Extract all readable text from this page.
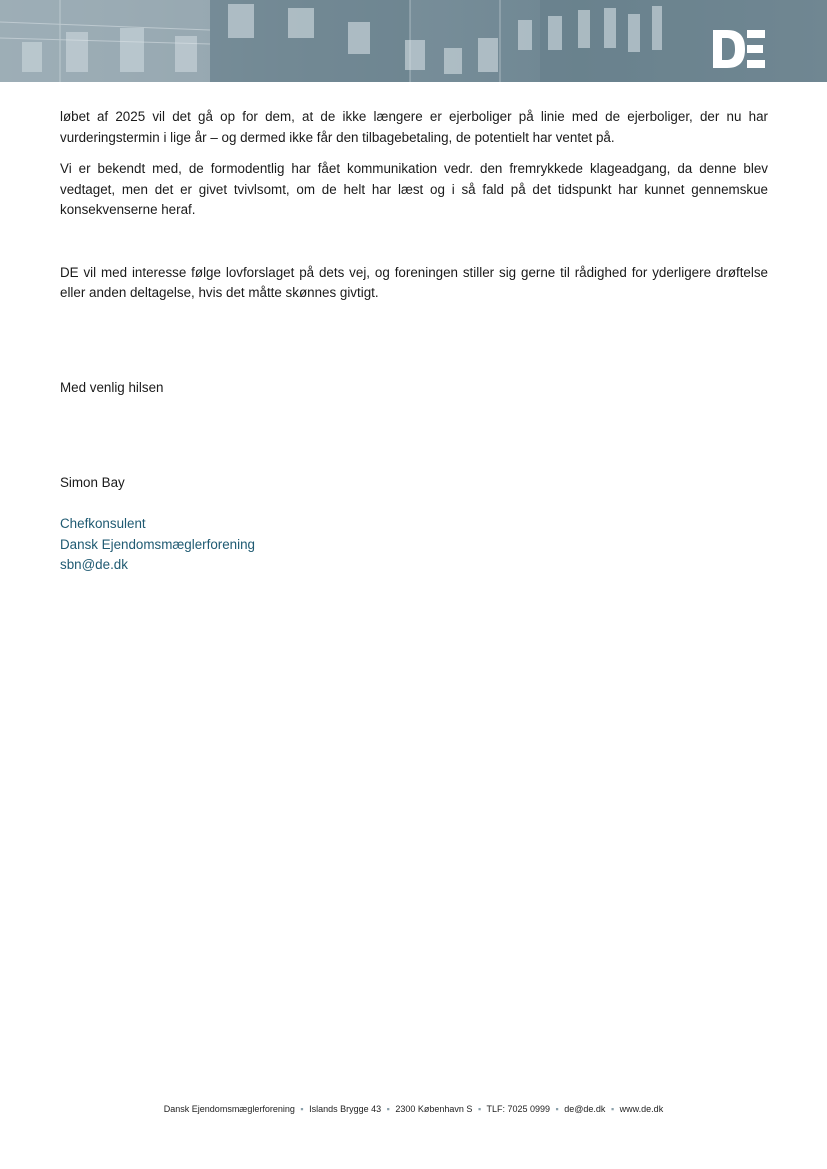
løbet af 2025 vil det gå op for dem, at de ikke længere er ejerboliger på linie med de ejerboliger, der nu har vurderingstermin i lige år – og dermed ikke får den tilbagebetaling, de potentielt har ventet på.

Vi er bekendt med, de formodentlig har fået kommunikation vedr. den fremrykkede klageadgang, da denne blev vedtaget, men det er givet tvivlsomt, om de helt har læst og i så fald på det tidspunkt har kunnet gennemskue konsekvenserne heraf.

DE vil med interesse følge lovforslaget på dets vej, og foreningen stiller sig gerne til rådighed for yderligere drøftelse eller anden deltagelse, hvis det måtte skønnes givtigt.

Med venlig hilsen
Simon Bay
Chefkonsulent
Dansk Ejendomsmæglerforening
sbn@de.dk
Dansk Ejendomsmæglerforening ▪ Islands Brygge 43 ▪ 2300 København S ▪ TLF: 7025 0999 ▪ de@de.dk ▪ www.de.dk
